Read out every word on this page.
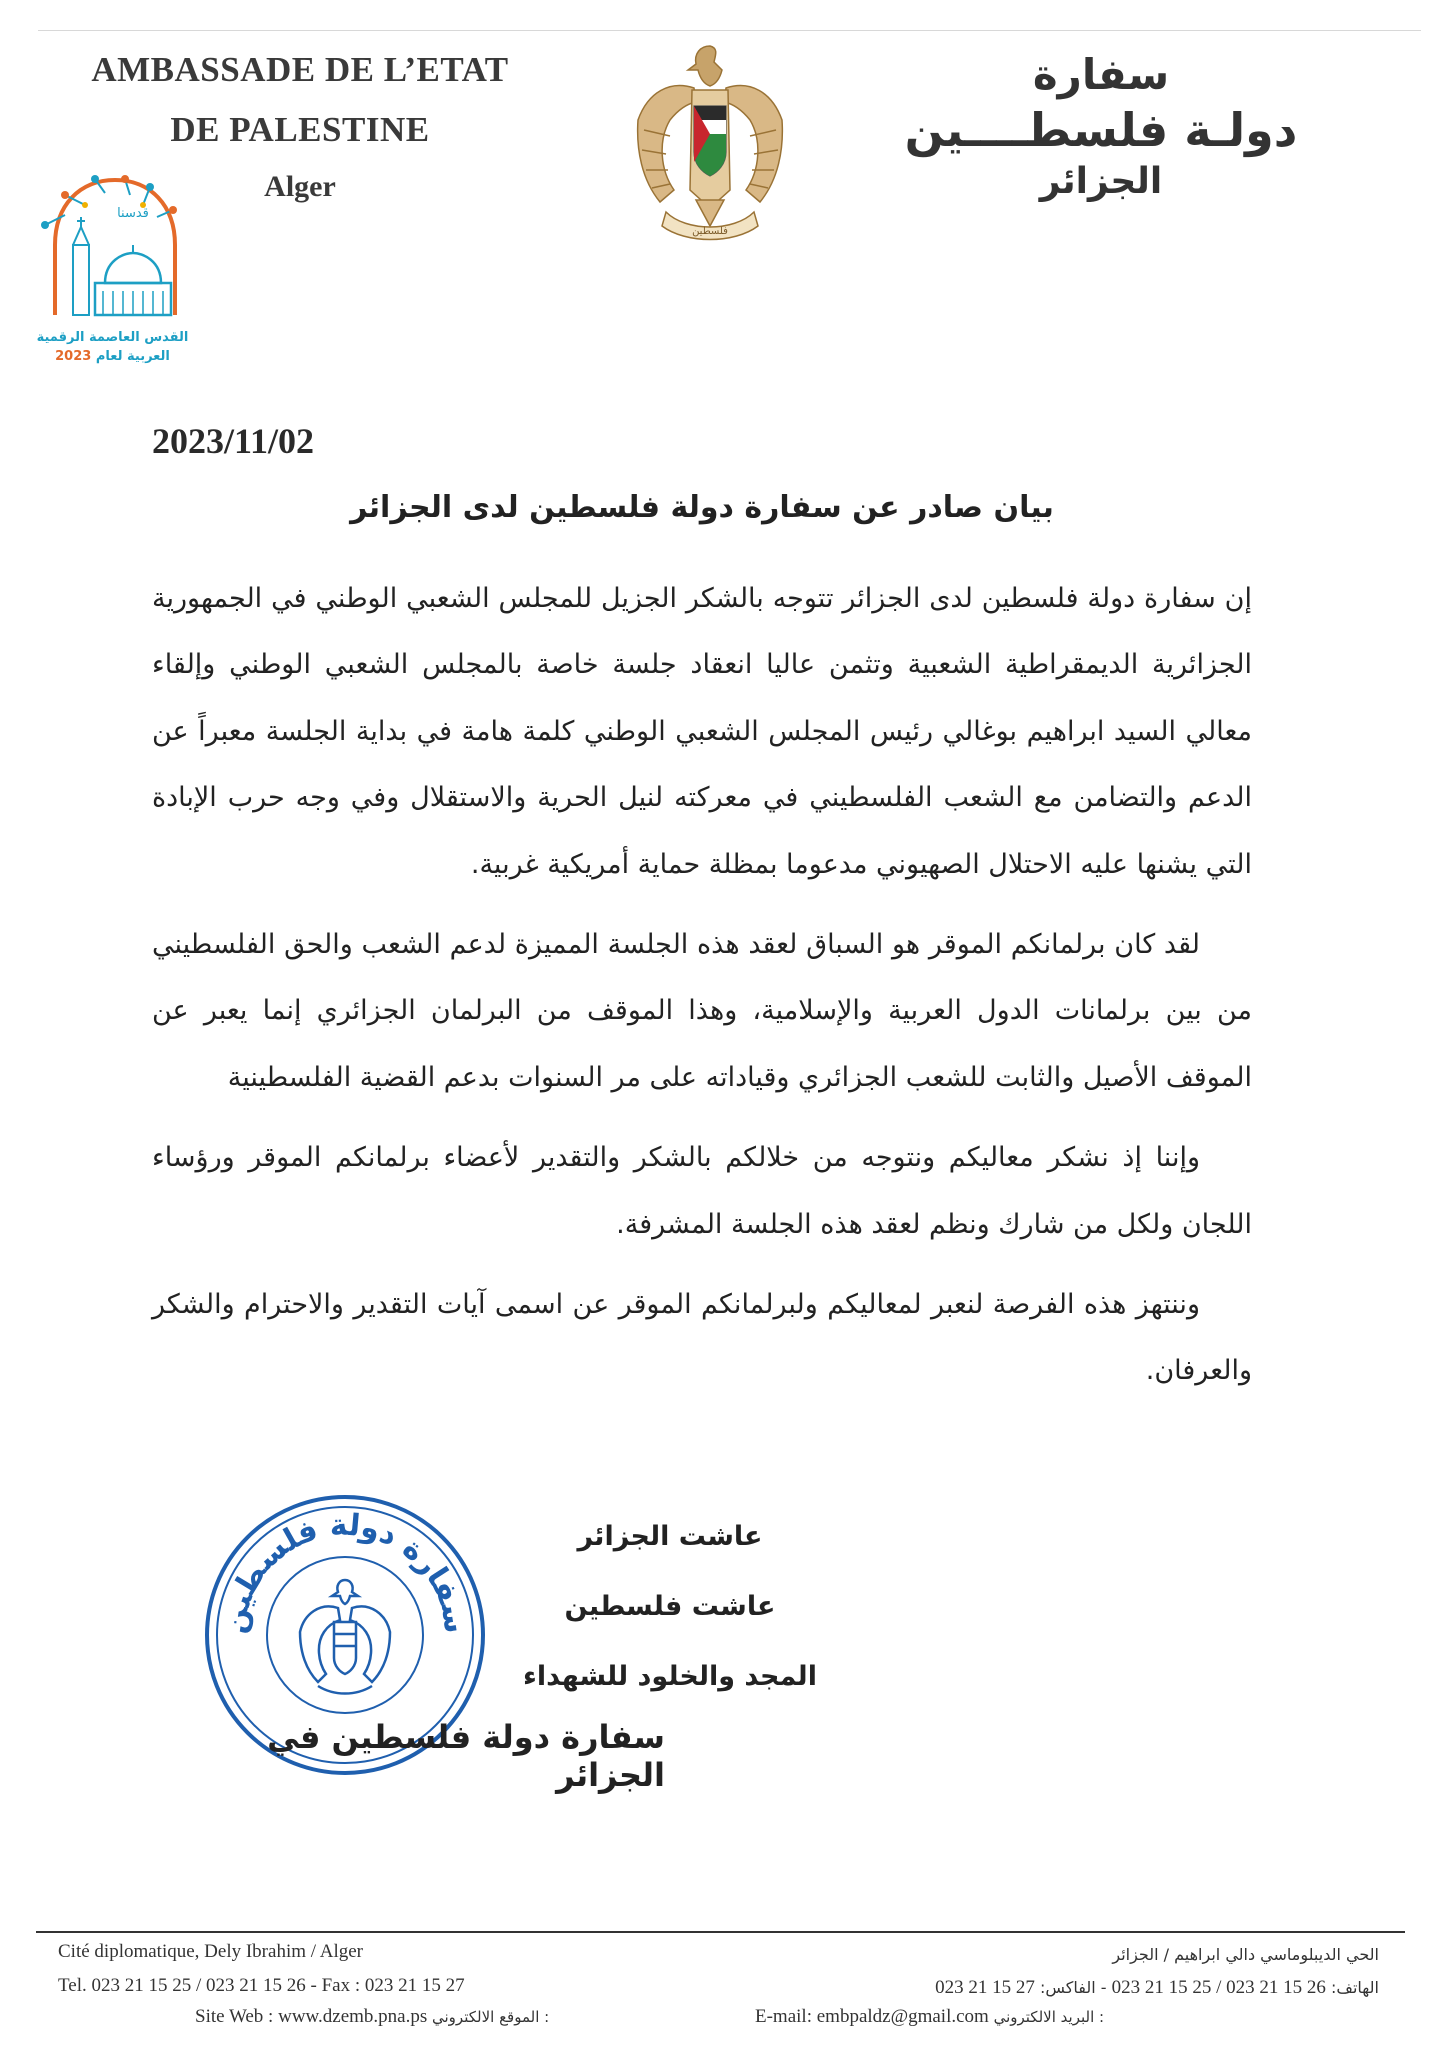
AMBASSADE DE L’ETAT
DE PALESTINE
Alger
سفارة
دولـة فلسطــــين
الجزائر
فلسطين
قدسنا
القدس العاصمة الرقمية
العربية لعام 2023
2023/11/02
بيان صادر عن سفارة دولة فلسطين لدى الجزائر

إن سفارة دولة فلسطين لدى الجزائر تتوجه بالشكر الجزيل للمجلس الشعبي الوطني في الجمهورية الجزائرية الديمقراطية الشعبية وتثمن عاليا انعقاد جلسة خاصة بالمجلس الشعبي الوطني وإلقاء معالي السيد ابراهيم بوغالي رئيس المجلس الشعبي الوطني كلمة هامة في بداية الجلسة معبراً عن الدعم والتضامن مع الشعب الفلسطيني في معركته لنيل الحرية والاستقلال وفي وجه حرب الإبادة التي يشنها عليه الاحتلال الصهيوني مدعوما بمظلة حماية أمريكية غربية.

لقد كان برلمانكم الموقر هو السباق لعقد هذه الجلسة المميزة لدعم الشعب والحق الفلسطيني من بين برلمانات الدول العربية والإسلامية، وهذا الموقف من البرلمان الجزائري إنما يعبر عن الموقف الأصيل والثابت للشعب الجزائري وقياداته على مر السنوات بدعم القضية الفلسطينية

وإننا إذ نشكر معاليكم ونتوجه من خلالكم بالشكر والتقدير لأعضاء برلمانكم الموقر ورؤساء اللجان ولكل من شارك ونظم لعقد هذه الجلسة المشرفة.

وننتهز هذه الفرصة لنعبر لمعاليكم ولبرلمانكم الموقر عن اسمى آيات التقدير والاحترام والشكر والعرفان.

سفارة دولة فلسطين
عاشت الجزائر
عاشت فلسطين
المجد والخلود للشهداء
سفارة دولة فلسطين في الجزائر
Cité diplomatique, Dely Ibrahim / Alger
Tel. 023 21 15 25 / 023 21 15 26 - Fax : 023 21 15 27
الحي الديبلوماسي دالي ابراهيم / الجزائر
الهاتف: 023 21 15 25 / 023 21 15 26 - الفاكس: 023 21 15 27
Site Web : www.dzemb.pna.ps : الموقع الالكتروني	E-mail: embpaldz@gmail.com : البريد الالكتروني
